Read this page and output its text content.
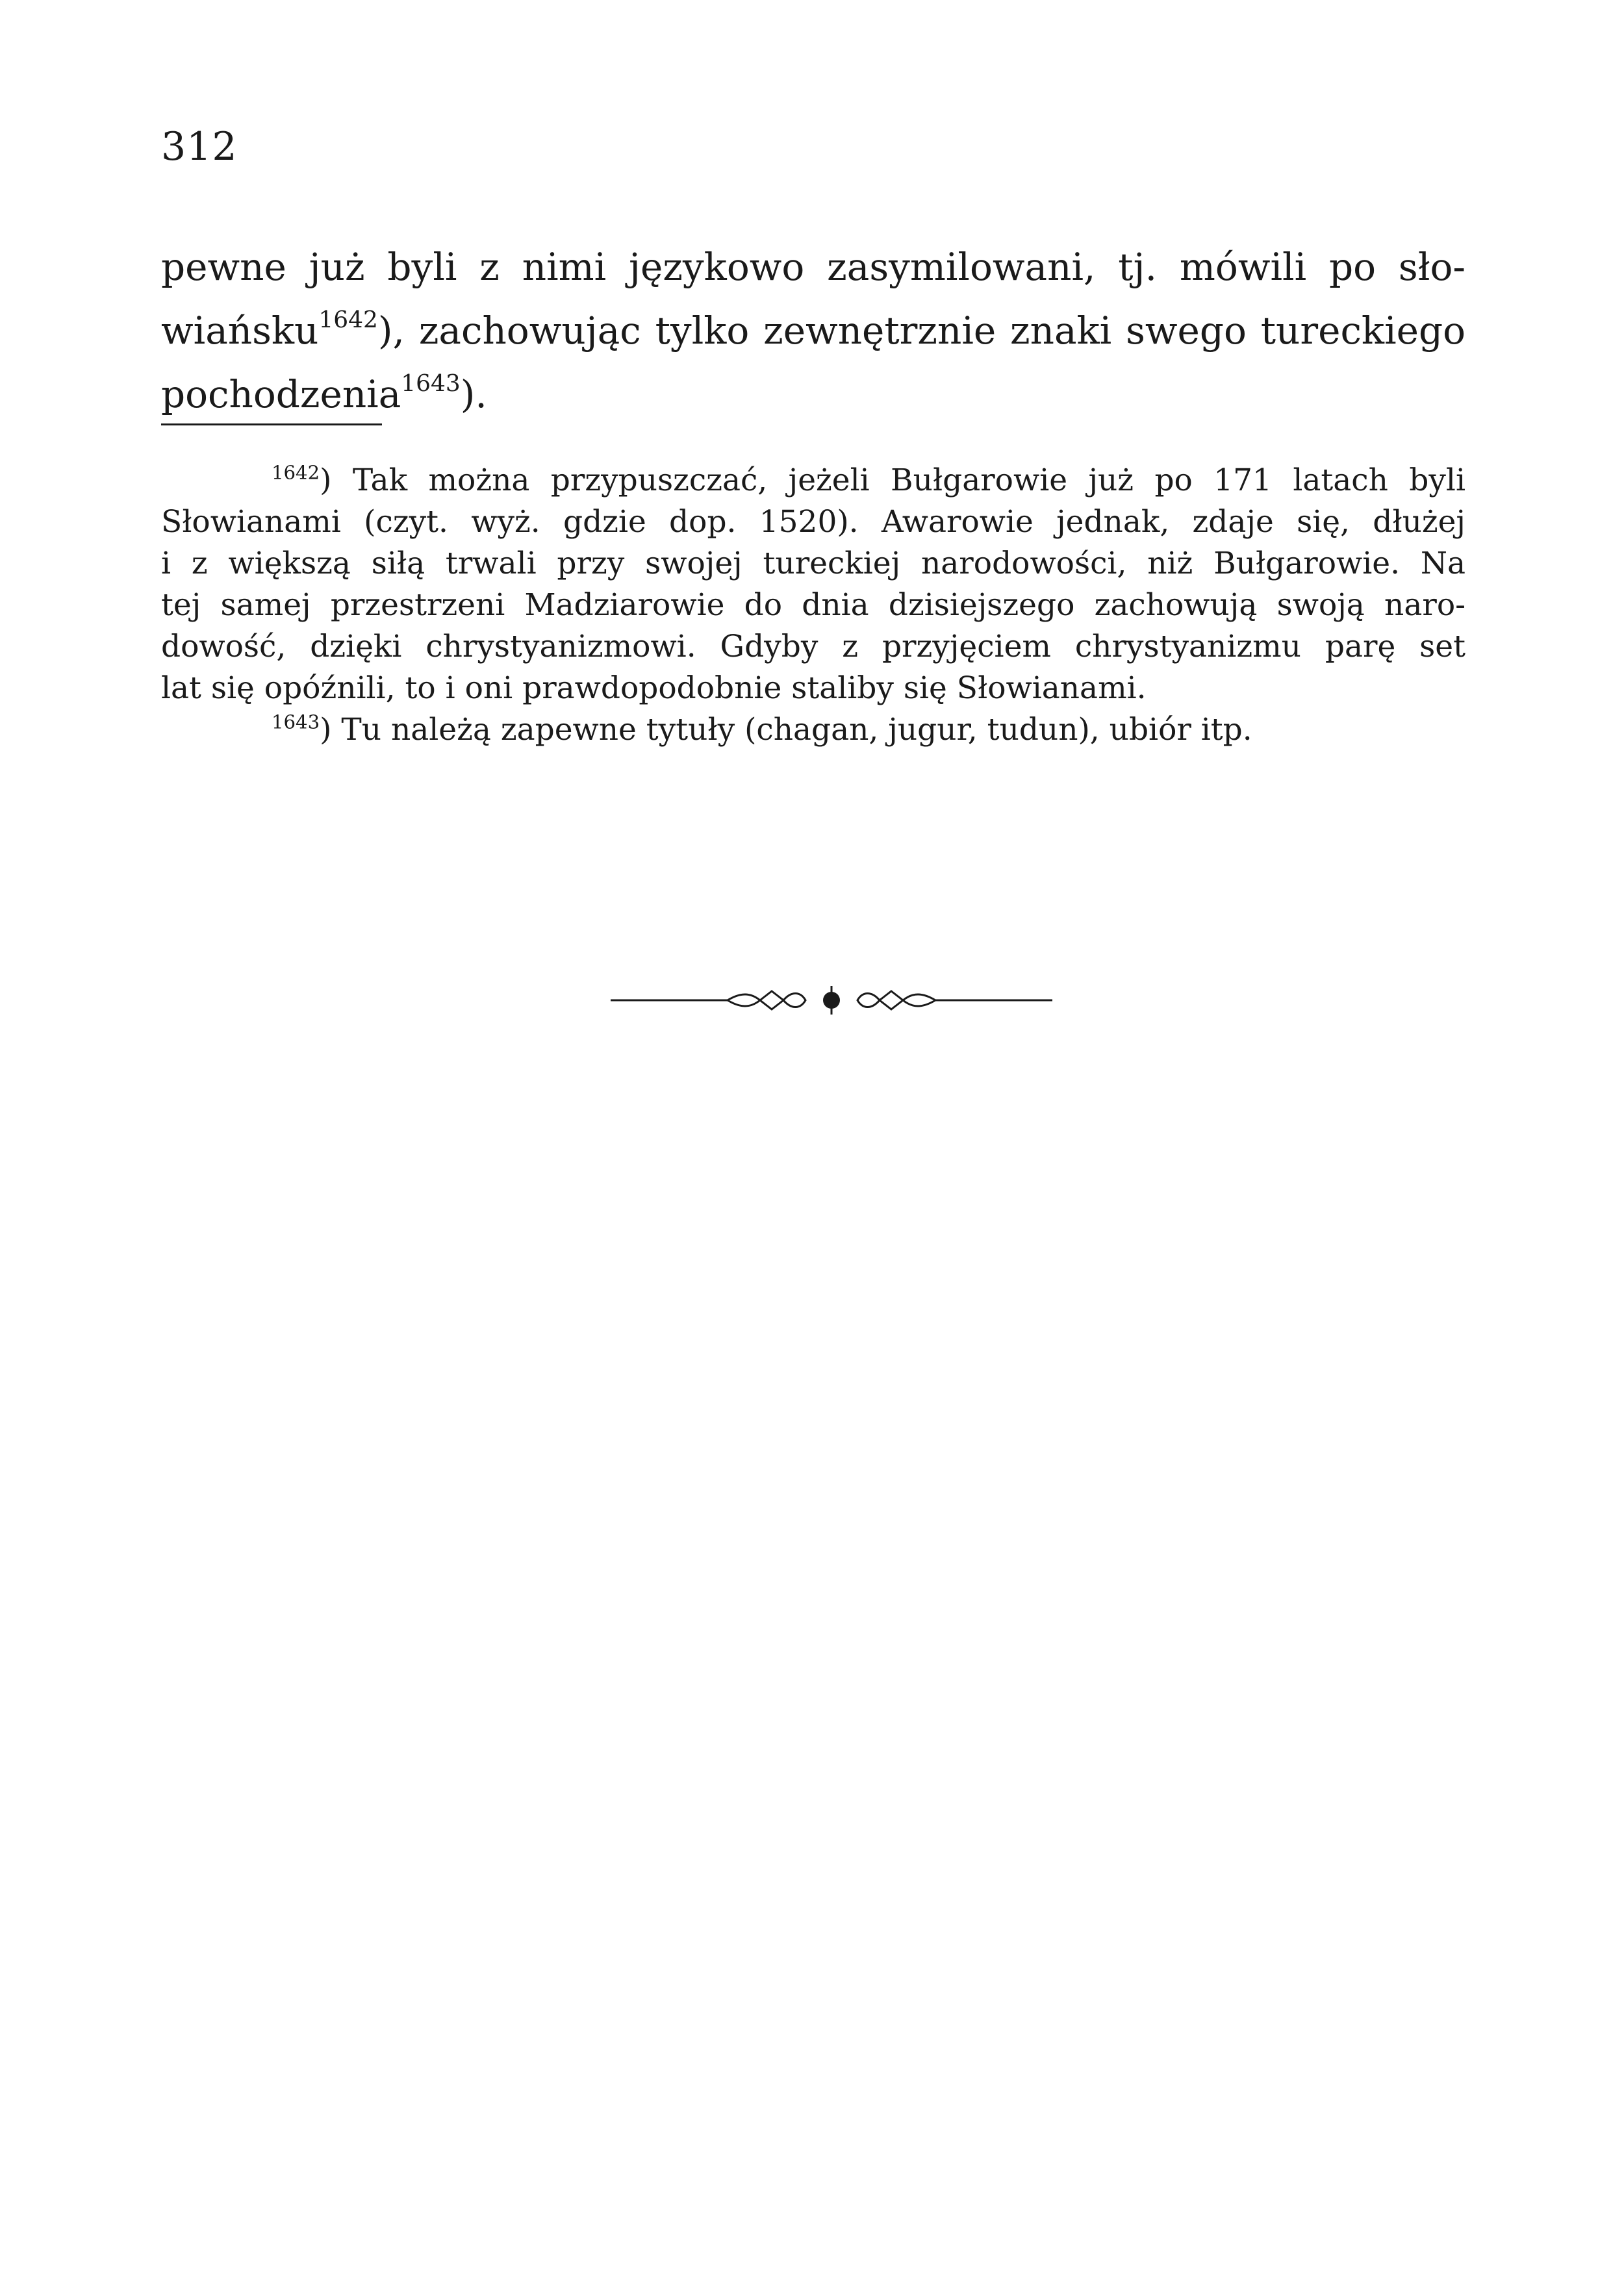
312
pewne już byli z nimi językowo zasymilowani, tj. mówili po sło-
wiańsku$^{1642}$), zachowując tylko zewnętrznie znaki swego tureckiego
pochodzenia$^{1643}$).
$^{1642}$) Tak można przypuszczać, jeżeli Bułgarowie już po 171 latach byli
Słowianami (czyt. wyż. gdzie dop. 1520). Awarowie jednak, zdaje się, dłużej
i z większą siłą trwali przy swojej tureckiej narodowości, niż Bułgarowie. Na
tej samej przestrzeni Madziarowie do dnia dzisiejszego zachowują swoją naro-
dowość, dzięki chrystyanizmowi. Gdyby z przyjęciem chrystyanizmu parę set
lat się opóźnili, to i oni prawdopodobnie staliby się Słowianami.
$^{1643}$) Tu należą zapewne tytuły (chagan, jugur, tudun), ubiór itp.
